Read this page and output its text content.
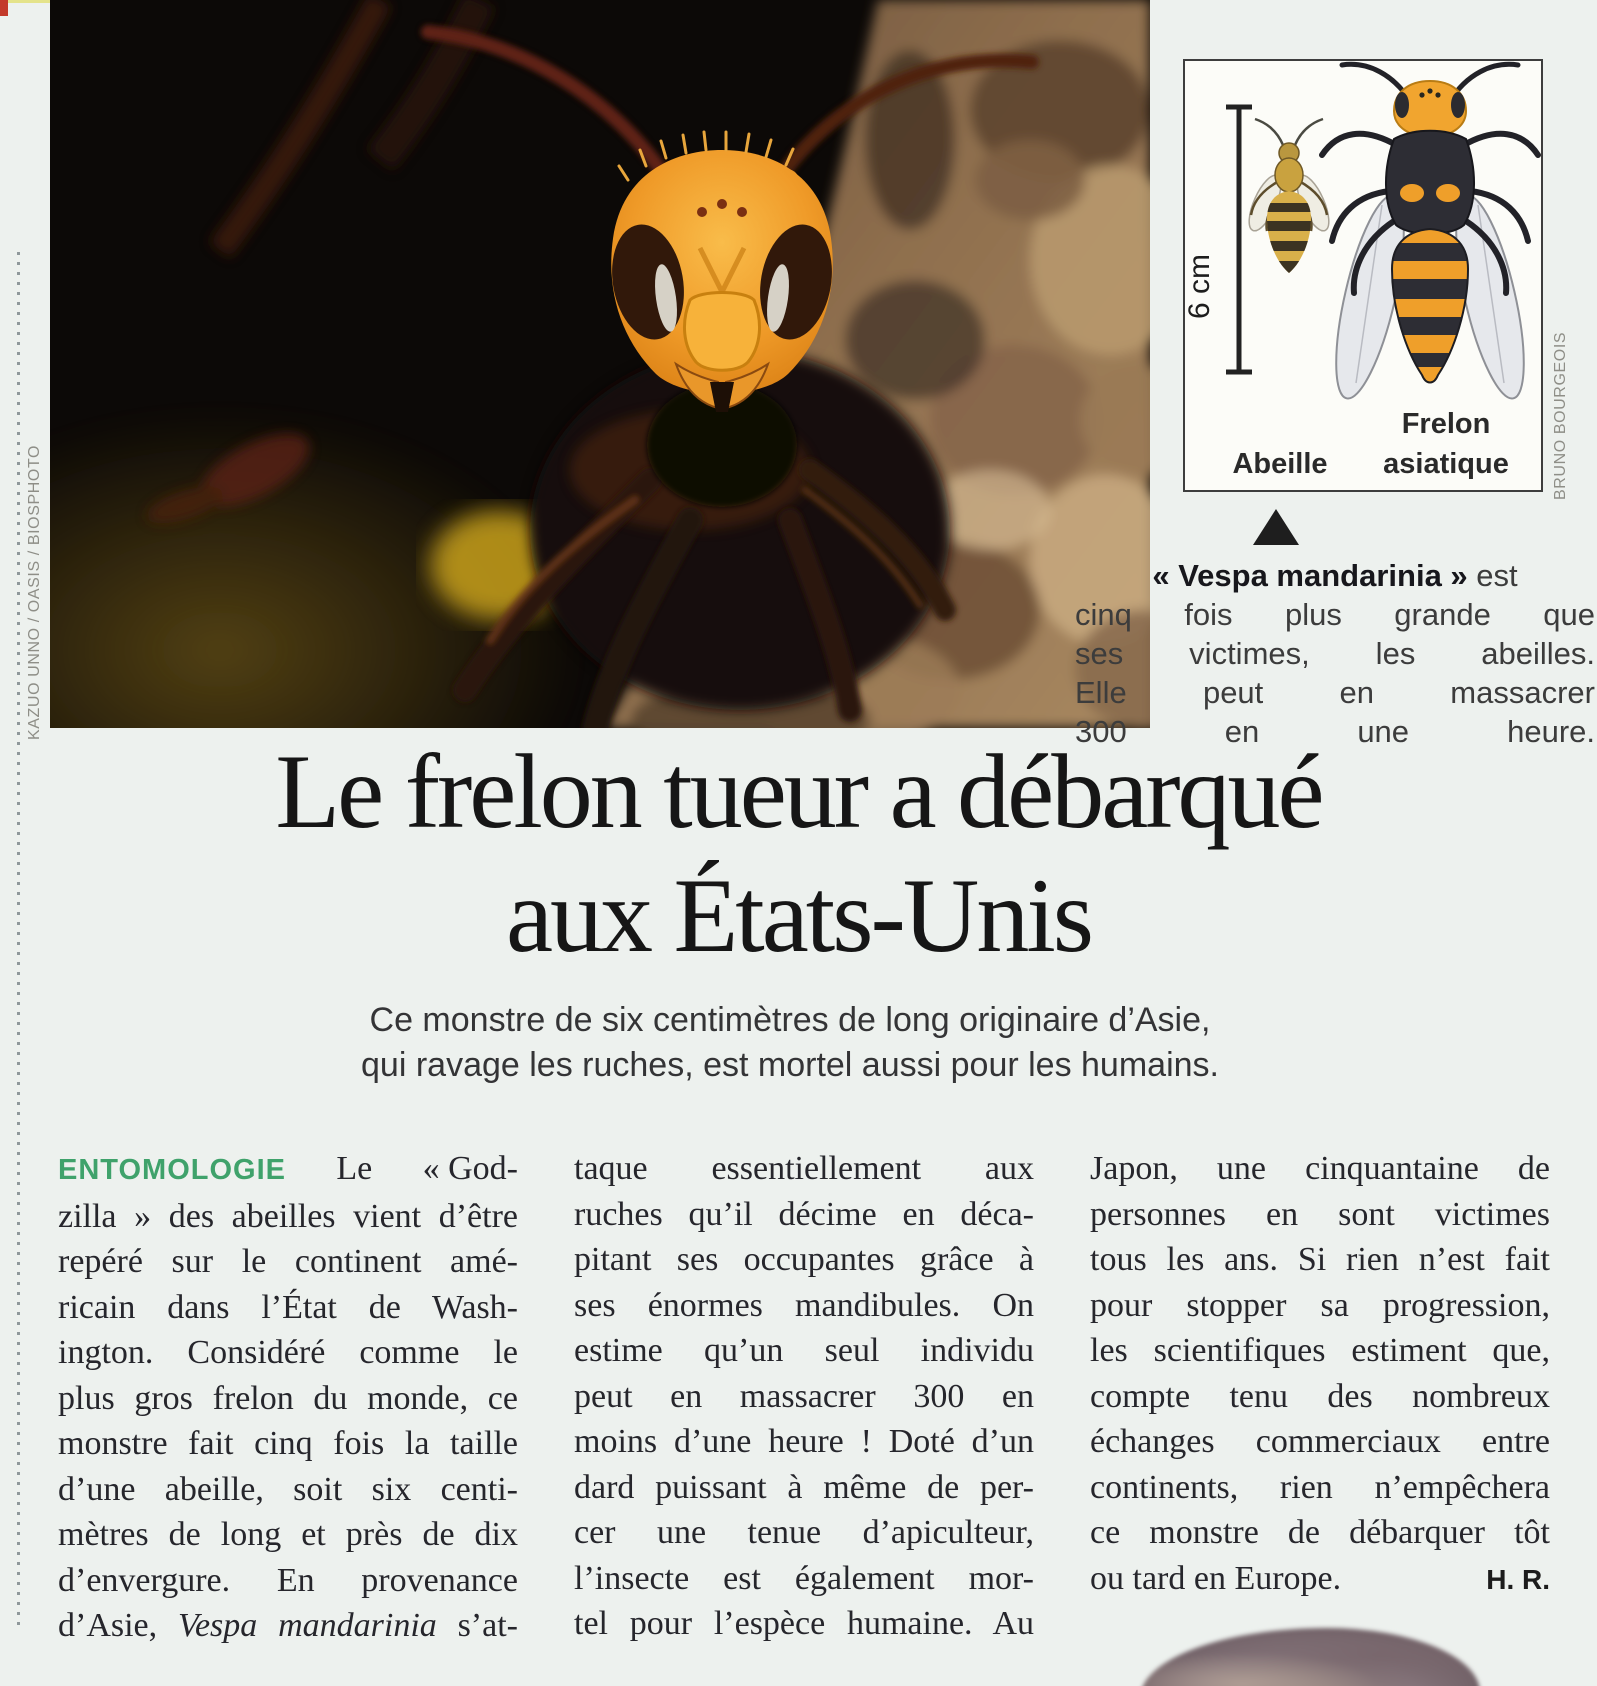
KAZUO UNNO / OASIS / BIOSPHOTO
6 cm
Abeille
Frelon
asiatique	BRUNO BOURGEOIS
« Vespa mandarinia » est
cinq fois plus grande que
ses victimes, les abeilles.
Elle peut en massacrer
300 en une heure.
Le frelon tueur a débarqué
aux États-Unis

Ce monstre de six centimètres de long originaire d’Asie,
qui ravage les ruches, est mortel aussi pour les humains.

ENTOMOLOGIE Le « God-
zilla » des abeilles vient d’être
repéré sur le continent amé-
ricain dans l’État de Wash-
ington. Considéré comme le
plus gros frelon du monde, ce
monstre fait cinq fois la taille
d’une abeille, soit six centi-
mètres de long et près de dix
d’envergure. En provenance
d’Asie, Vespa mandarinia s’at-
taque essentiellement aux
ruches qu’il décime en déca-
pitant ses occupantes grâce à
ses énormes mandibules. On
estime qu’un seul individu
peut en massacrer 300 en
moins d’une heure ! Doté d’un
dard puissant à même de per-
cer une tenue d’apiculteur,
l’insecte est également mor-
tel pour l’espèce humaine. Au
Japon, une cinquantaine de
personnes en sont victimes
tous les ans. Si rien n’est fait
pour stopper sa progression,
les scientifiques estiment que,
compte tenu des nombreux
échanges commerciaux entre
continents, rien n’empêchera
ce monstre de débarquer tôt
ou tard en Europe.	H. R.
